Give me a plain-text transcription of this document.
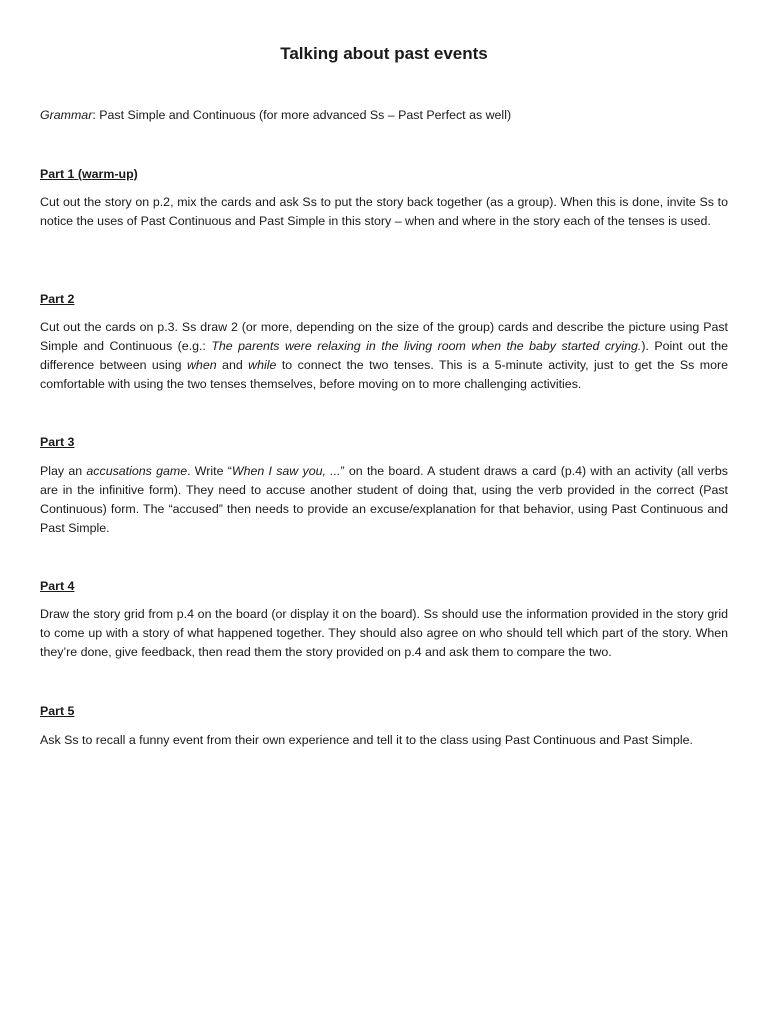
Talking about past events
Grammar: Past Simple and Continuous (for more advanced Ss – Past Perfect as well)
Part 1 (warm-up)
Cut out the story on p.2, mix the cards and ask Ss to put the story back together (as a group). When this is done, invite Ss to notice the uses of Past Continuous and Past Simple in this story – when and where in the story each of the tenses is used.
Part 2
Cut out the cards on p.3. Ss draw 2 (or more, depending on the size of the group) cards and describe the picture using Past Simple and Continuous (e.g.: The parents were relaxing in the living room when the baby started crying.). Point out the difference between using when and while to connect the two tenses. This is a 5-minute activity, just to get the Ss more comfortable with using the two tenses themselves, before moving on to more challenging activities.
Part 3
Play an accusations game. Write “When I saw you, ...” on the board. A student draws a card (p.4) with an activity (all verbs are in the infinitive form). They need to accuse another student of doing that, using the verb provided in the correct (Past Continuous) form. The “accused” then needs to provide an excuse/explanation for that behavior, using Past Continuous and Past Simple.
Part 4
Draw the story grid from p.4 on the board (or display it on the board). Ss should use the information provided in the story grid to come up with a story of what happened together. They should also agree on who should tell which part of the story. When they’re done, give feedback, then read them the story provided on p.4 and ask them to compare the two.
Part 5
Ask Ss to recall a funny event from their own experience and tell it to the class using Past Continuous and Past Simple.
